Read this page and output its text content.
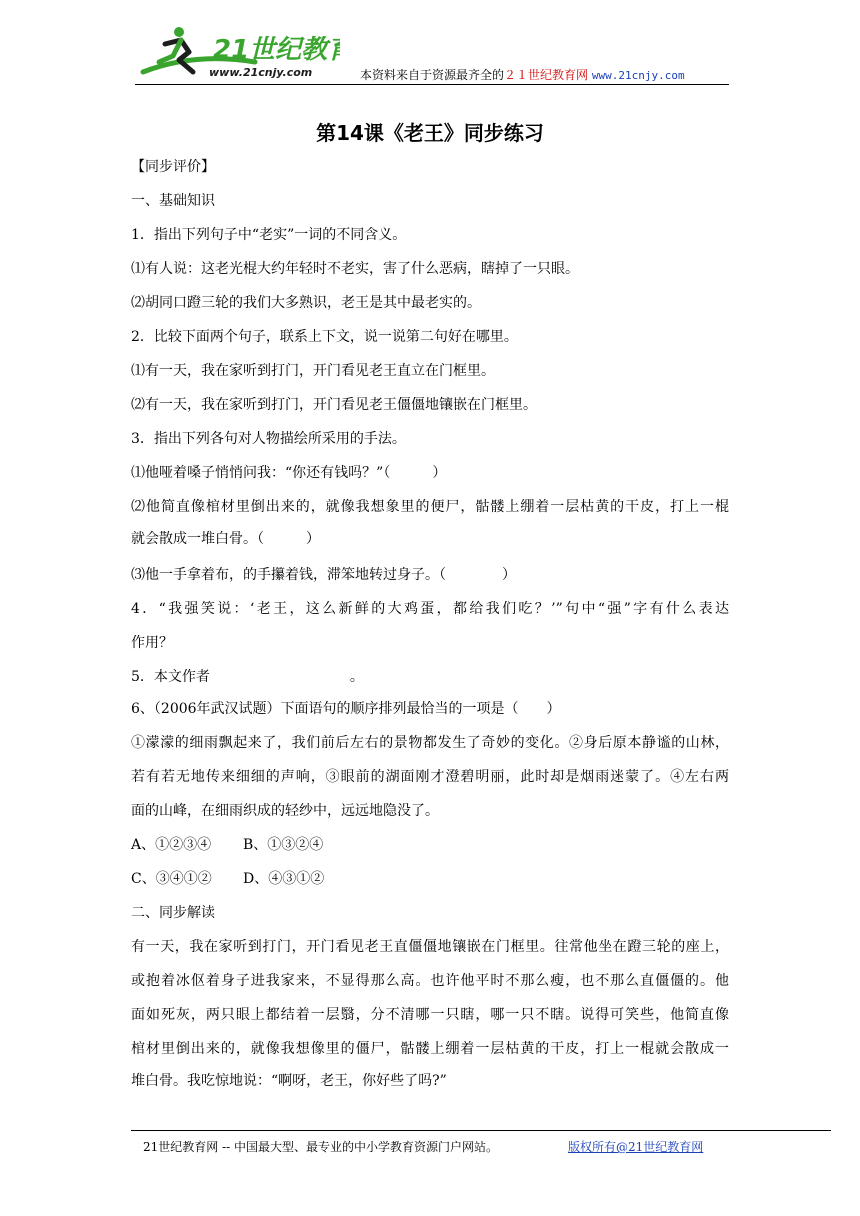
21世纪教育
www.21cnjy.com	本资料来自于资源最齐全的２１世纪教育网 www.21cnjy.com
第14课《老王》同步练习
【同步评价】
一、基础知识
1．指出下列句子中“老实”一词的不同含义。
⑴有人说：这老光棍大约年轻时不老实，害了什么恶病，瞎掉了一只眼。
⑵胡同口蹬三轮的我们大多熟识，老王是其中最老实的。
2．比较下面两个句子，联系上下文，说一说第二句好在哪里。
⑴有一天，我在家听到打门，开门看见老王直立在门框里。
⑵有一天，我在家听到打门，开门看见老王僵僵地镶嵌在门框里。
3．指出下列各句对人物描绘所采用的手法。
⑴他哑着嗓子悄悄问我：“你还有钱吗？”（　　　）
⑵他简直像棺材里倒出来的，就像我想象里的便尸，骷髅上绷着一层枯黄的干皮，打上一棍
就会散成一堆白骨。（　　　）
⑶他一手拿着布，的手攥着钱，滞笨地转过身子。（　　　　）
4．“我强笑说：‘老王，这么新鲜的大鸡蛋，都给我们吃？’”句中“强”字有什么表达
作用？
5．本文作者　　　　　　　　　　。
6、（2006年武汉试题）下面语句的顺序排列最恰当的一项是（　　）
①濛濛的细雨飘起来了，我们前后左右的景物都发生了奇妙的变化。②身后原本静谧的山林，
若有若无地传来细细的声响，③眼前的湖面刚才澄碧明丽，此时却是烟雨迷蒙了。④左右两
面的山峰，在细雨织成的轻纱中，远远地隐没了。
A、①②③④ B、①③②④
C、③④①② D、④③①②
二、同步解读
有一天，我在家听到打门，开门看见老王直僵僵地镶嵌在门框里。往常他坐在蹬三轮的座上，
或抱着冰伛着身子进我家来，不显得那么高。也许他平时不那么瘦，也不那么直僵僵的。他
面如死灰，两只眼上都结着一层翳，分不清哪一只瞎，哪一只不瞎。说得可笑些，他简直像
棺材里倒出来的，就像我想像里的僵尸，骷髅上绷着一层枯黄的干皮，打上一棍就会散成一
堆白骨。我吃惊地说：“啊呀，老王，你好些了吗?”
21世纪教育网 -- 中国最大型、最专业的中小学教育资源门户网站。	版权所有@21世纪教育网
